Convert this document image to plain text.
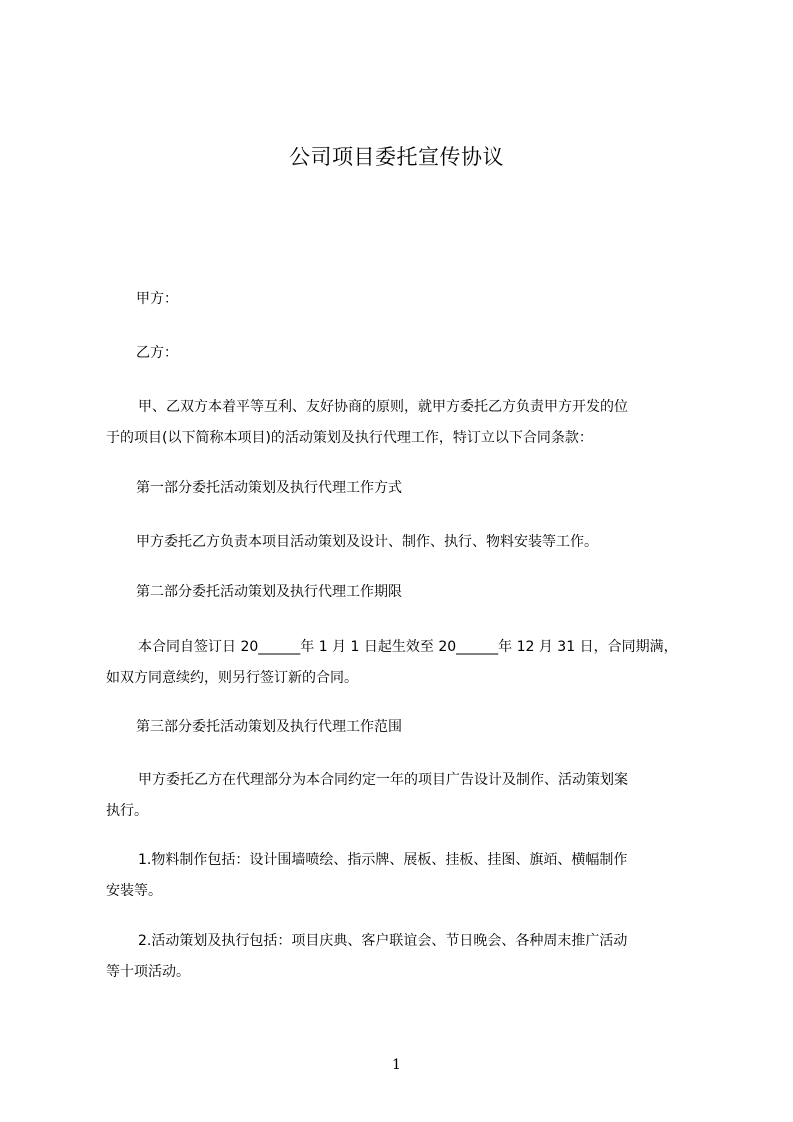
公司项目委托宣传协议
甲方：
乙方：
甲、乙双方本着平等互利、友好协商的原则，就甲方委托乙方负责甲方开发的位
于的项目(以下简称本项目)的活动策划及执行代理工作，特订立以下合同条款：
第一部分委托活动策划及执行代理工作方式
甲方委托乙方负责本项目活动策划及设计、制作、执行、物料安装等工作。
第二部分委托活动策划及执行代理工作期限
本合同自签订日 20______年 1 月 1 日起生效至 20______年 12 月 31 日，合同期满，
如双方同意续约，则另行签订新的合同。
第三部分委托活动策划及执行代理工作范围
甲方委托乙方在代理部分为本合同约定一年的项目广告设计及制作、活动策划案
执行。
1.物料制作包括：设计围墙喷绘、指示牌、展板、挂板、挂图、旗竡、横幅制作
安装等。
2.活动策划及执行包括：项目庆典、客户联谊会、节日晚会、各种周末推广活动
等十项活动。
1
